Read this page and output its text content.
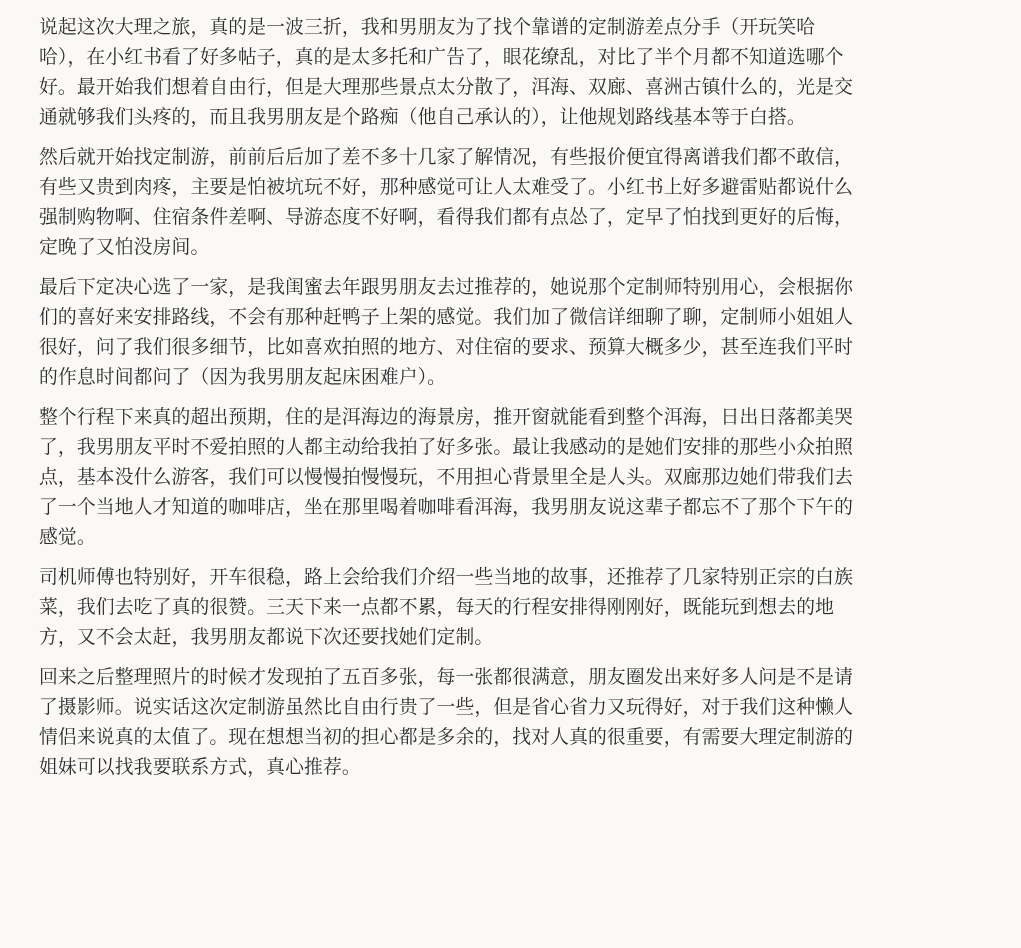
说起这次大理之旅，真的是一波三折，我和男朋友为了找个靠谱的定制游差点分手（开玩笑哈
哈），在小红书看了好多帖子，真的是太多托和广告了，眼花缭乱，对比了半个月都不知道选哪个
好。最开始我们想着自由行，但是大理那些景点太分散了，洱海、双廊、喜洲古镇什么的，光是交
通就够我们头疼的，而且我男朋友是个路痴（他自己承认的），让他规划路线基本等于白搭。
然后就开始找定制游，前前后后加了差不多十几家了解情况，有些报价便宜得离谱我们都不敢信，
有些又贵到肉疼，主要是怕被坑玩不好，那种感觉可让人太难受了。小红书上好多避雷贴都说什么
强制购物啊、住宿条件差啊、导游态度不好啊，看得我们都有点怂了，定早了怕找到更好的后悔，
定晚了又怕没房间。
最后下定决心选了一家，是我闺蜜去年跟男朋友去过推荐的，她说那个定制师特别用心，会根据你
们的喜好来安排路线，不会有那种赶鸭子上架的感觉。我们加了微信详细聊了聊，定制师小姐姐人
很好，问了我们很多细节，比如喜欢拍照的地方、对住宿的要求、预算大概多少，甚至连我们平时
的作息时间都问了（因为我男朋友起床困难户）。
整个行程下来真的超出预期，住的是洱海边的海景房，推开窗就能看到整个洱海，日出日落都美哭
了，我男朋友平时不爱拍照的人都主动给我拍了好多张。最让我感动的是她们安排的那些小众拍照
点，基本没什么游客，我们可以慢慢拍慢慢玩，不用担心背景里全是人头。双廊那边她们带我们去
了一个当地人才知道的咖啡店，坐在那里喝着咖啡看洱海，我男朋友说这辈子都忘不了那个下午的
感觉。
司机师傅也特别好，开车很稳，路上会给我们介绍一些当地的故事，还推荐了几家特别正宗的白族
菜，我们去吃了真的很赞。三天下来一点都不累，每天的行程安排得刚刚好，既能玩到想去的地
方，又不会太赶，我男朋友都说下次还要找她们定制。
回来之后整理照片的时候才发现拍了五百多张，每一张都很满意，朋友圈发出来好多人问是不是请
了摄影师。说实话这次定制游虽然比自由行贵了一些，但是省心省力又玩得好，对于我们这种懒人
情侣来说真的太值了。现在想想当初的担心都是多余的，找对人真的很重要，有需要大理定制游的
姐妹可以找我要联系方式，真心推荐。
